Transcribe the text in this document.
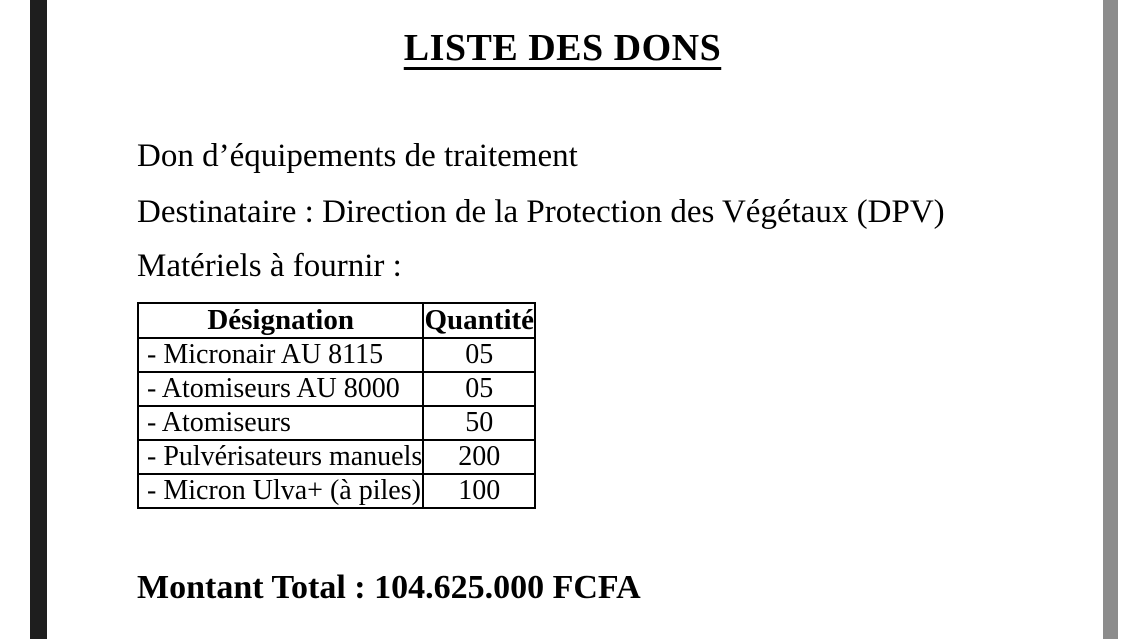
LISTE DES DONS

Don d’équipements de traitement

Destinataire : Direction de la Protection des Végétaux (DPV)

Matériels à fournir :

Désignation	Quantité
- Micronair AU 8115	05
- Atomiseurs AU 8000	05
- Atomiseurs	50
- Pulvérisateurs manuels	200
- Micron Ulva+ (à piles)	100
Montant Total : 104.625.000 FCFA
